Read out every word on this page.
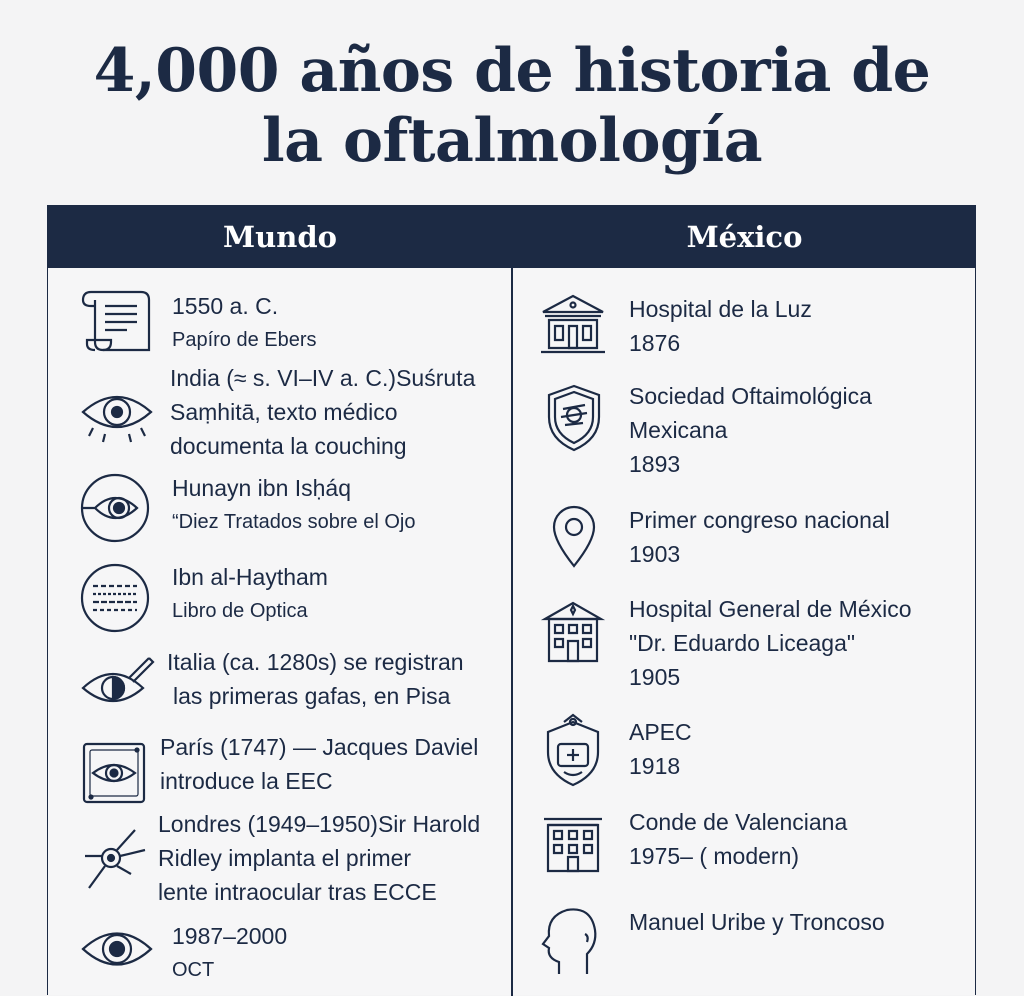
4,000 años de historia de
la oftalmología
Mundo	México
1550 a. C.
Papíro de Ebers
India (≈ s. VI–IV a. C.)Suśruta
Saṃhitā, texto médico
documenta la couching
Hunayn ibn Isḥáq
“Diez Tratados sobre el Ojo
Ibn al-Haytham
Libro de Optica
Italia (ca. 1280s) se registran
las primeras gafas, en Pisa
París (1747) — Jacques Daviel
introduce la EEC
Londres (1949–1950)Sir Harold
Ridley implanta el primer
lente intraocular tras ECCE
1987–2000
OCT
Hospital de la Luz
1876
Sociedad Oftaimológica
Mexicana
1893
Primer congreso nacional
1903
Hospital General de México
"Dr. Eduardo Liceaga"
1905
APEC
1918
Conde de Valenciana
1975– ( modern)
Manuel Uribe y Troncoso
